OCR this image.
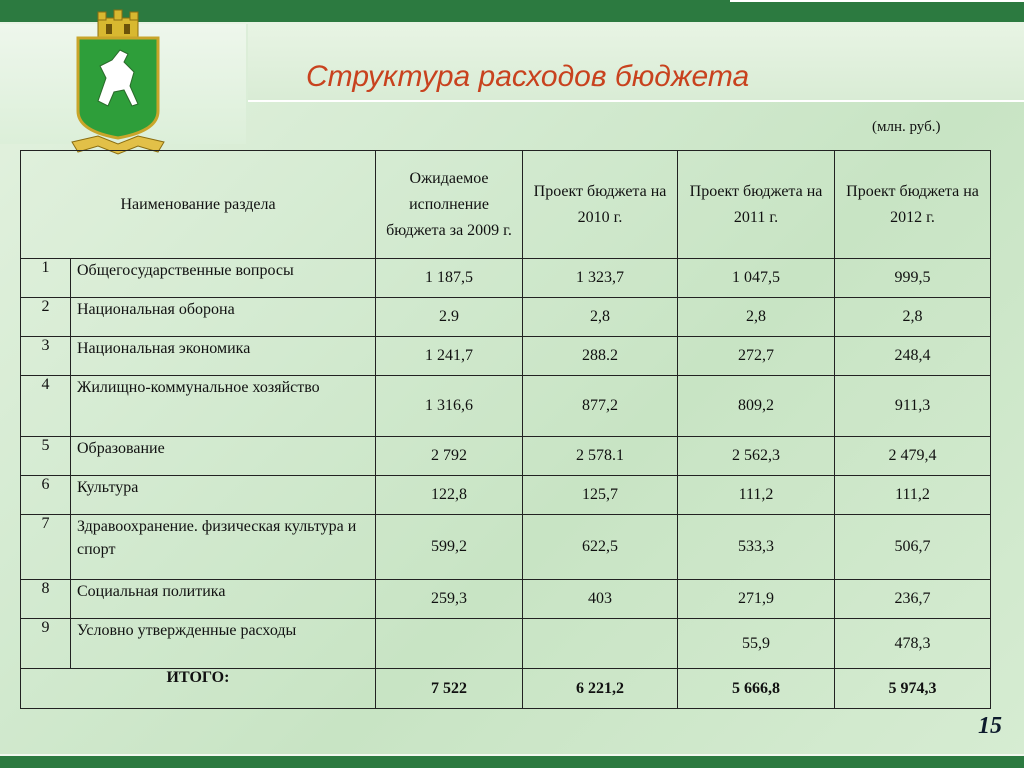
Структура расходов бюджета
(млн. руб.)
Наименование раздела		Ожидаемое исполнение бюджета за 2009 г.	Проект бюджета на 2010 г.	Проект бюджета на 2011 г.	Проект бюджета на 2012 г.
1	Общегосударственные вопросы	1 187,5	1 323,7	1 047,5	999,5
2	Национальная оборона	2.9	2,8	2,8	2,8
3	Национальная экономика	1 241,7	288.2	272,7	248,4
4	Жилищно-коммунальное хозяйство	1 316,6	877,2	809,2	911,3
5	Образование	2 792	2 578.1	2 562,3	2 479,4
6	Культура	122,8	125,7	111,2	111,2
7	Здравоохранение. физическая культура и спорт	599,2	622,5	533,3	506,7
8	Социальная политика	259,3	403	271,9	236,7
9	Условно утвержденные расходы			55,9	478,3
ИТОГО:		7 522	6 221,2	5 666,8	5 974,3
15
